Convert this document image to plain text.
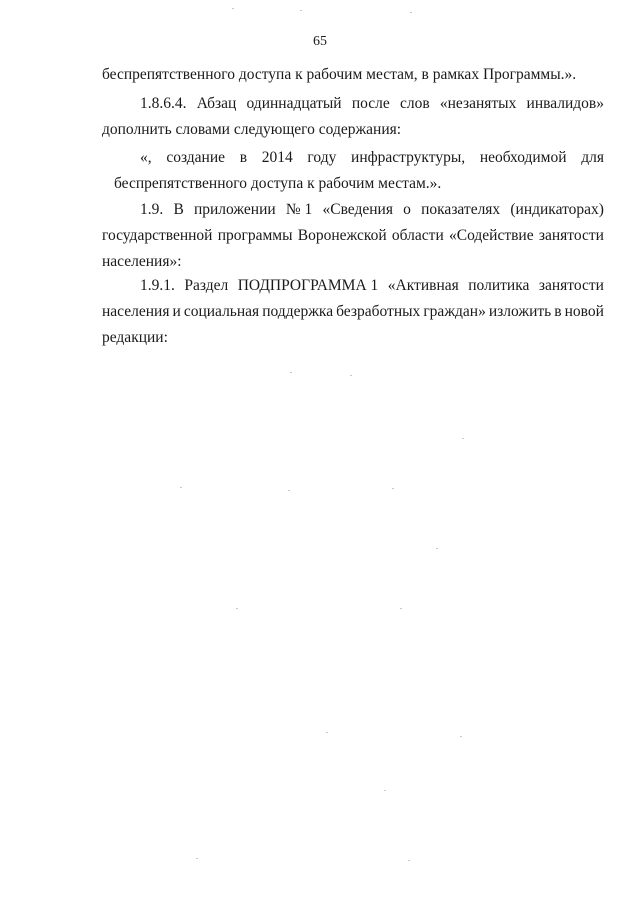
65
беспрепятственного доступа к рабочим местам, в рамках Программы.».
1.8.6.4. Абзац одиннадцатый после слов «незанятых инвалидов»
дополнить словами следующего содержания:
«, создание в 2014 году инфраструктуры, необходимой для
беспрепятственного доступа к рабочим местам.».
1.9. В приложении № 1 «Сведения о показателях (индикаторах)
государственной программы Воронежской области «Содействие занятости
населения»:
1.9.1. Раздел ПОДПРОГРАММА 1 «Активная политика занятости
населения и социальная поддержка безработных граждан» изложить в новой
редакции:
